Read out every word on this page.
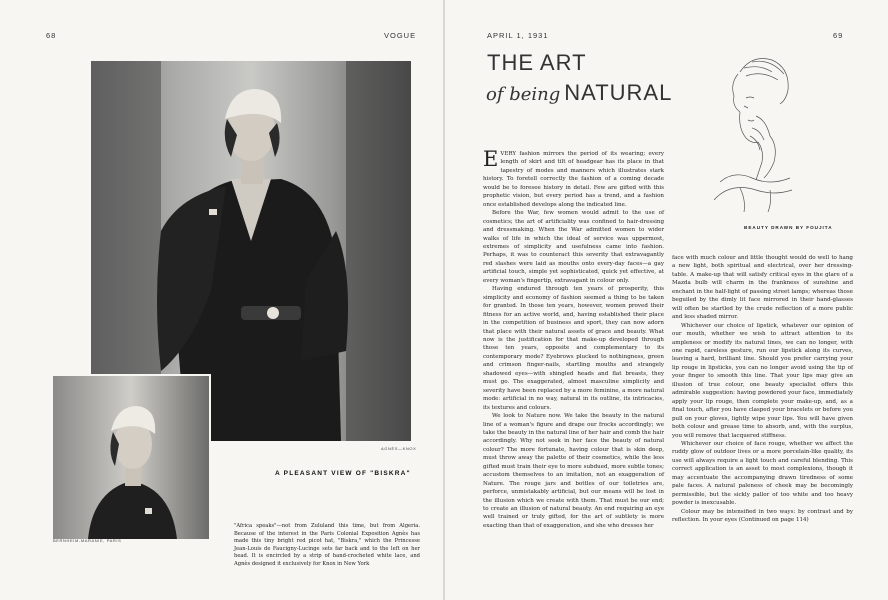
68	VOGUE
AGNÈS—KNOX
BERNHEIM-MARANIE, PARIS
A PLEASANT VIEW OF "BISKRA"
"Africa speaks"—not from Zululand this time, but from Algeria. Because of the interest in the Paris Colonial Exposition Agnès has made this tiny bright red picot hat, "Biskra," which the Princesse Jean-Louis de Faucigny-Lucinge sets far back and to the left on her head. It is encircled by a strip of hand-crocheted white lace, and Agnès designed it exclusively for Knox in New York
APRIL 1, 1931	69
THE ART
of being NATURAL
BEAUTY DRAWN BY FOUJITA

EVERY fashion mirrors the period of its wearing; every length of skirt and tilt of headgear has its place in that tapestry of modes and manners which illustrates stark history. To foretell correctly the fashion of a coming decade would be to foresee history in detail. Few are gifted with this prophetic vision, but every period has a trend, and a fashion once established develops along the indicated line.

Before the War, few women would admit to the use of cosmetics; the art of artificiality was confined to hair-dressing and dressmaking. When the War admitted women to wider walks of life in which the ideal of service was uppermost, extremes of simplicity and usefulness came into fashion. Perhaps, it was to counteract this severity that extravagantly red slashes were laid as mouths onto every-day faces—a gay artificial touch, simple yet sophisticated, quick yet effective, at every woman's fingertip, extravagant in colour only.

Having endured through ten years of prosperity, this simplicity and economy of fashion seemed a thing to be taken for granted. In those ten years, however, women proved their fitness for an active world, and, having established their place in the competition of business and sport, they can now adorn that place with their natural assets of grace and beauty. What now is the justification for that make-up developed through those ten years, opposite and complementary to its contemporary mode? Eyebrows plucked to nothingness, green and crimson finger-nails, startling mouths and strangely shadowed eyes—with shingled heads and flat breasts, they must go. The exaggerated, almost masculine simplicity and severity have been replaced by a more feminine, a more natural mode: artificial in no way, natural in its outline, its intricacies, its textures and colours.

We look to Nature now. We take the beauty in the natural line of a woman's figure and drape our frocks accordingly; we take the beauty in the natural line of her hair and comb the hair accordingly. Why not seek in her face the beauty of natural colour? The more fortunate, having colour that is skin deep, must throw away the palette of their cosmetics, while the less gifted must train their eye to more subdued, more subtle tones; accustom themselves to an imitation, not an exaggeration of Nature. The rouge jars and bottles of our toiletries are, perforce, unmistakably artificial, but our means will be lost in the illusion which we create with them. That must be our end; to create an illusion of natural beauty. An end requiring an eye well trained or truly gifted, for the art of subtlety is more exacting than that of exaggeration, and she who dresses her

face with much colour and little thought would do well to hang a new light, both spiritual and electrical, over her dressing-table. A make-up that will satisfy critical eyes in the glare of a Mazda bulb will charm in the frankness of sunshine and enchant in the half-light of passing street lamps; whereas those beguiled by the dimly lit face mirrored in their hand-glasses will often be startled by the crude reflection of a more public and less shaded mirror.

Whichever our choice of lipstick, whatever our opinion of our mouth, whether we wish to attract attention to its ampleness or modify its natural lines, we can no longer, with one rapid, careless gesture, run our lipstick along its curves, leaving a hard, brilliant line. Should you prefer carrying your lip rouge in lipsticks, you can no longer avoid using the tip of your finger to smooth this line. That your lips may give an illusion of true colour, one beauty specialist offers this admirable suggestion: having powdered your face, immediately apply your lip rouge, then complete your make-up, and, as a final touch, after you have clasped your bracelets or before you pull on your gloves, lightly wipe your lips. You will have given both colour and grease time to absorb, and, with the surplus, you will remove that lacquered stiffness.

Whichever our choice of face rouge, whether we affect the ruddy glow of outdoor lives or a more porcelain-like quality, its use will always require a light touch and careful blending. This correct application is an asset to most complexions, though it may accentuate the accompanying drawn tiredness of some pale faces. A natural paleness of cheek may be becomingly permissible, but the sickly pallor of too white and too heavy powder is inexcusable.

Colour may be intensified in two ways: by contrast and by reflection. In your eyes (Continued on page 114)
